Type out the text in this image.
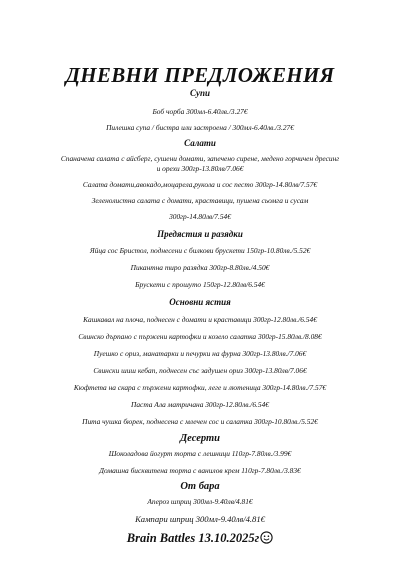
ДНЕВНИ ПРЕДЛОЖЕНИЯ
Супи
Боб чорба 300мл-6.40лв./3.27€
Пилешка супа / бистра или застроена / 300мл-6.40лв./3.27€
Салати
Спаначена салата с айсберг, сушени домати, запечено сирене, медено горчичен дресинг
и орехи 300гр-13.80лв/7.06€
Салата домати,авокадо,моцарела,рукола и сос песто 300гр-14.80лв/7.57€
Зеленолистна салата с домати, краставици, пушена сьомга и сусам
300гр-14.80лв/7.54€
Предястия и разядки
Яйца сос Бристол, поднесени с билкови брускети 150гр-10.80лв./5.52€
Пикантна тиро разядка 300гр-8.80лв./4.50€
Брускети с прошуто 150гр-12.80лв/6.54€
Основни ястия
Кашкавал на плоча, поднесен с домати и краставици 300гр-12.80лв./6.54€
Свинско дърпано с пържени картофки и козело салатка 300гр-15.80лв./8.08€
Пуешко с ориз, манатарки и печурки на фурна 300гр-13.80лв./7.06€
Свински шиш кебап, поднесен със задушен ориз 300гр-13.80лв/7.06€
Кюфтета на скара с пържени картофки, леге и лютеница 300гр-14.80лв./7.57€
Паста Ала матричана 300гр-12.80лв./6.54€
Пита чушка бюрек, поднесена с млечен сос и салатка 300гр-10.80лв./5.52€
Десерти
Шоколадова йогурт торта с лешници 110гр-7.80лв./3.99€
Домашна бисквитена торта с ванилов крем 110гр-7.80лв./3.83€
От бара
Апероз шприц 300мл-9.40лв/4.81€
Кампари шприц 300мл-9.40лв/4.81€
Brain Battles 13.10.2025г
